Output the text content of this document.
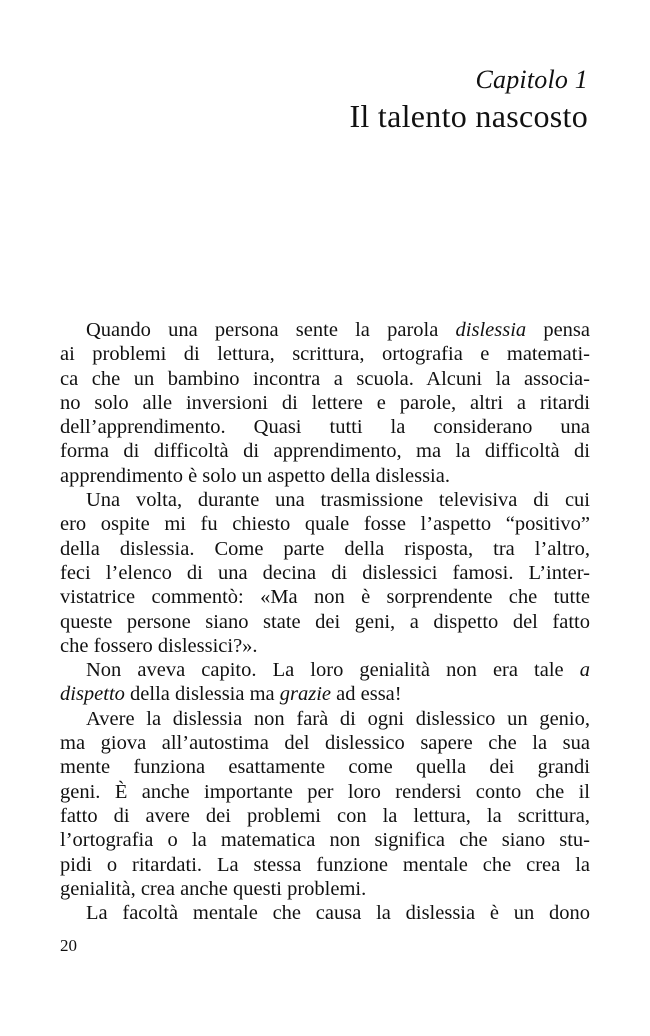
Capitolo 1
Il talento nascosto
Quando una persona sente la parola dislessia pensa
ai problemi di lettura, scrittura, ortografia e matemati-
ca che un bambino incontra a scuola. Alcuni la associa-
no solo alle inversioni di lettere e parole, altri a ritardi
dell’apprendimento. Quasi tutti la considerano una
forma di difficoltà di apprendimento, ma la difficoltà di
apprendimento è solo un aspetto della dislessia.
Una volta, durante una trasmissione televisiva di cui
ero ospite mi fu chiesto quale fosse l’aspetto “positivo”
della dislessia. Come parte della risposta, tra l’altro,
feci l’elenco di una decina di dislessici famosi. L’inter-
vistatrice commentò: «Ma non è sorprendente che tutte
queste persone siano state dei geni, a dispetto del fatto
che fossero dislessici?».
Non aveva capito. La loro genialità non era tale a
dispetto della dislessia ma grazie ad essa!
Avere la dislessia non farà di ogni dislessico un genio,
ma giova all’autostima del dislessico sapere che la sua
mente funziona esattamente come quella dei grandi
geni. È anche importante per loro rendersi conto che il
fatto di avere dei problemi con la lettura, la scrittura,
l’ortografia o la matematica non significa che siano stu-
pidi o ritardati. La stessa funzione mentale che crea la
genialità, crea anche questi problemi.
La facoltà mentale che causa la dislessia è un dono
20
